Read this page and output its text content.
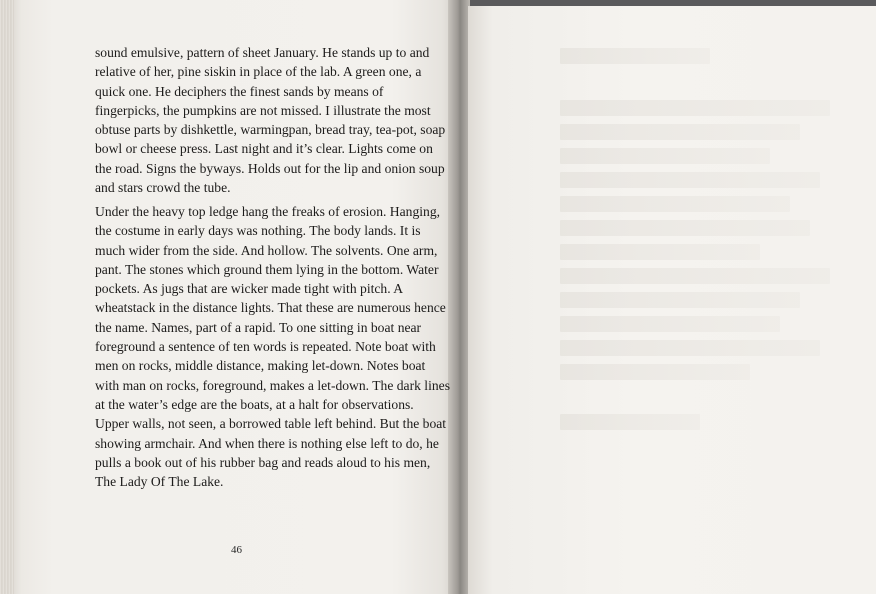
sound emulsive, pattern of sheet January. He stands up to and relative of her, pine siskin in place of the lab. A green one, a quick one. He deciphers the finest sands by means of fingerpicks, the pumpkins are not missed. I illustrate the most obtuse parts by dishkettle, warmingpan, bread tray, tea-pot, soap bowl or cheese press. Last night and it’s clear. Lights come on the road. Signs the byways. Holds out for the lip and onion soup and stars crowd the tube.
Under the heavy top ledge hang the freaks of erosion. Hanging, the costume in early days was nothing. The body lands. It is much wider from the side. And hollow. The solvents. One arm, pant. The stones which ground them lying in the bottom. Water pockets. As jugs that are wicker made tight with pitch. A wheatstack in the distance lights. That these are numerous hence the name. Names, part of a rapid. To one sitting in boat near foreground a sentence of ten words is repeated. Note boat with men on rocks, middle distance, making let-down. Notes boat with man on rocks, foreground, makes a let-down. The dark lines at the water’s edge are the boats, at a halt for observations. Upper walls, not seen, a borrowed table left behind. But the boat showing armchair. And when there is nothing else left to do, he pulls a book out of his rubber bag and reads aloud to his men, The Lady Of The Lake.
46
